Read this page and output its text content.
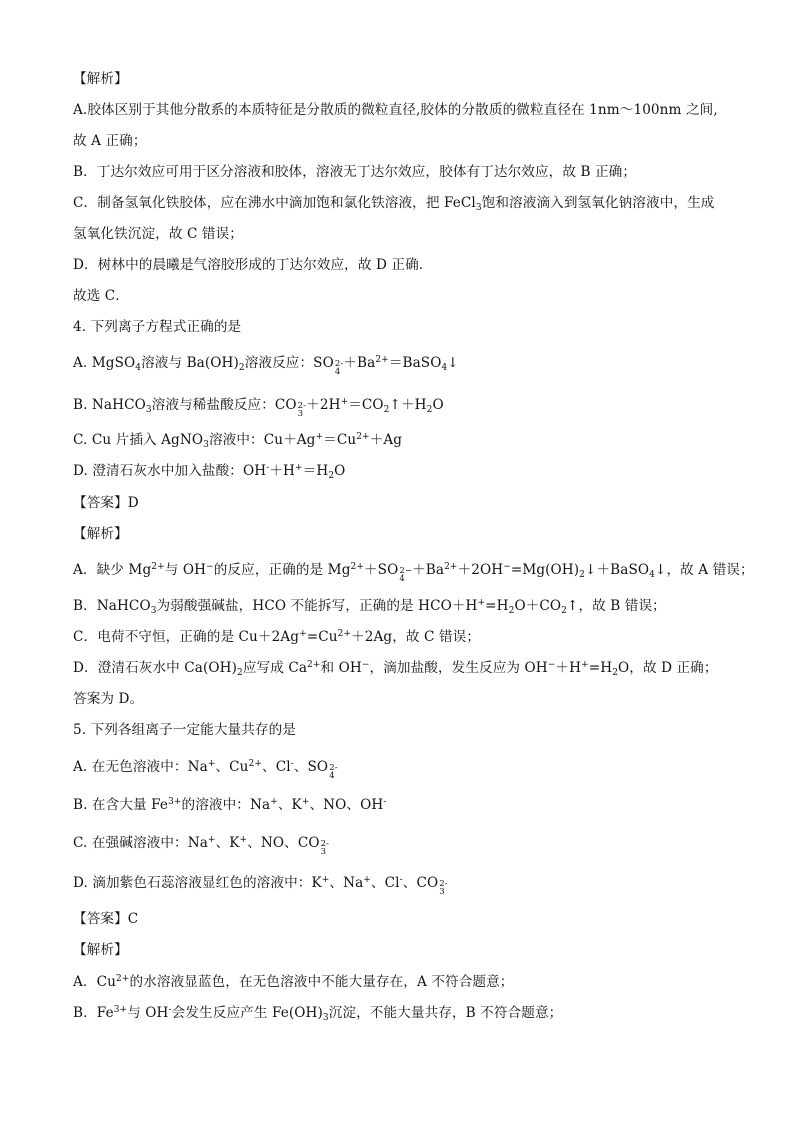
【解析】
A.胶体区别于其他分散系的本质特征是分散质的微粒直径,胶体的分散质的微粒直径在 1nm～100nm 之间,
故 A 正确；
B．丁达尔效应可用于区分溶液和胶体，溶液无丁达尔效应，胶体有丁达尔效应，故 B 正确；
C．制备氢氧化铁胶体，应在沸水中滴加饱和氯化铁溶液，把 FeCl$_3$饱和溶液滴入到氢氧化钠溶液中，生成
氢氧化铁沉淀，故 C 错误；
D．树林中的晨曦是气溶胶形成的丁达尔效应，故 D 正确．
故选 C．
4. 下列离子方程式正确的是
A. MgSO$_4$溶液与 $Ba(OH)_2$溶液反应：SO 2-
4
$+Ba^{2+}=BaSO_4↓$
B. NaHCO$_3$溶液与稀盐酸反应：CO 2-
3
$+2H^+=CO_2↑+H_2O$
C. Cu 片插入 AgNO$_3$溶液中：$Cu+Ag^+=Cu^{2+}+Ag$
D. 澄清石灰水中加入盐酸：$OH^-+H^+=H_2O$
【答案】D
【解析】
A．缺少 $Mg^{2+}$与 OH−的反应，正确的是 $Mg^{2+}+SO$ 2−
4
$+Ba^{2+}+2OH^-=Mg(OH)_2↓+BaSO_4↓$，故 A 错误；
B．NaHCO$_3$为弱酸强碱盐，HCO 不能拆写，正确的是 $HCO+H^+=H_2O+CO_2↑$，故 B 错误；
C．电荷不守恒，正确的是 $Cu+2Ag^+=Cu^{2+}+2Ag$，故 C 错误；
D．澄清石灰水中 $Ca(OH)_2$应写成 $Ca^{2+}$和 OH−，滴加盐酸，发生反应为 $OH^-+H^+=H_2O$，故 D 正确；
答案为 D。
5. 下列各组离子一定能大量共存的是
A. 在无色溶液中：Na+、$Cu^{2+}$、Cl-、SO 2-
4
B. 在含大量 $Fe^{3+}$的溶液中：Na+、K+、NO、OH-
C. 在强碱溶液中：Na+、K+、NO、CO 2-
3
D. 滴加紫色石蕊溶液显红色的溶液中：K+、Na+、Cl-、CO 2-
3
【答案】C
【解析】
A．$Cu^{2+}$的水溶液显蓝色，在无色溶液中不能大量存在，A 不符合题意；
B．$Fe^{3+}$与 OH-会发生反应产生 $Fe(OH)_3$沉淀，不能大量共存，B 不符合题意；
